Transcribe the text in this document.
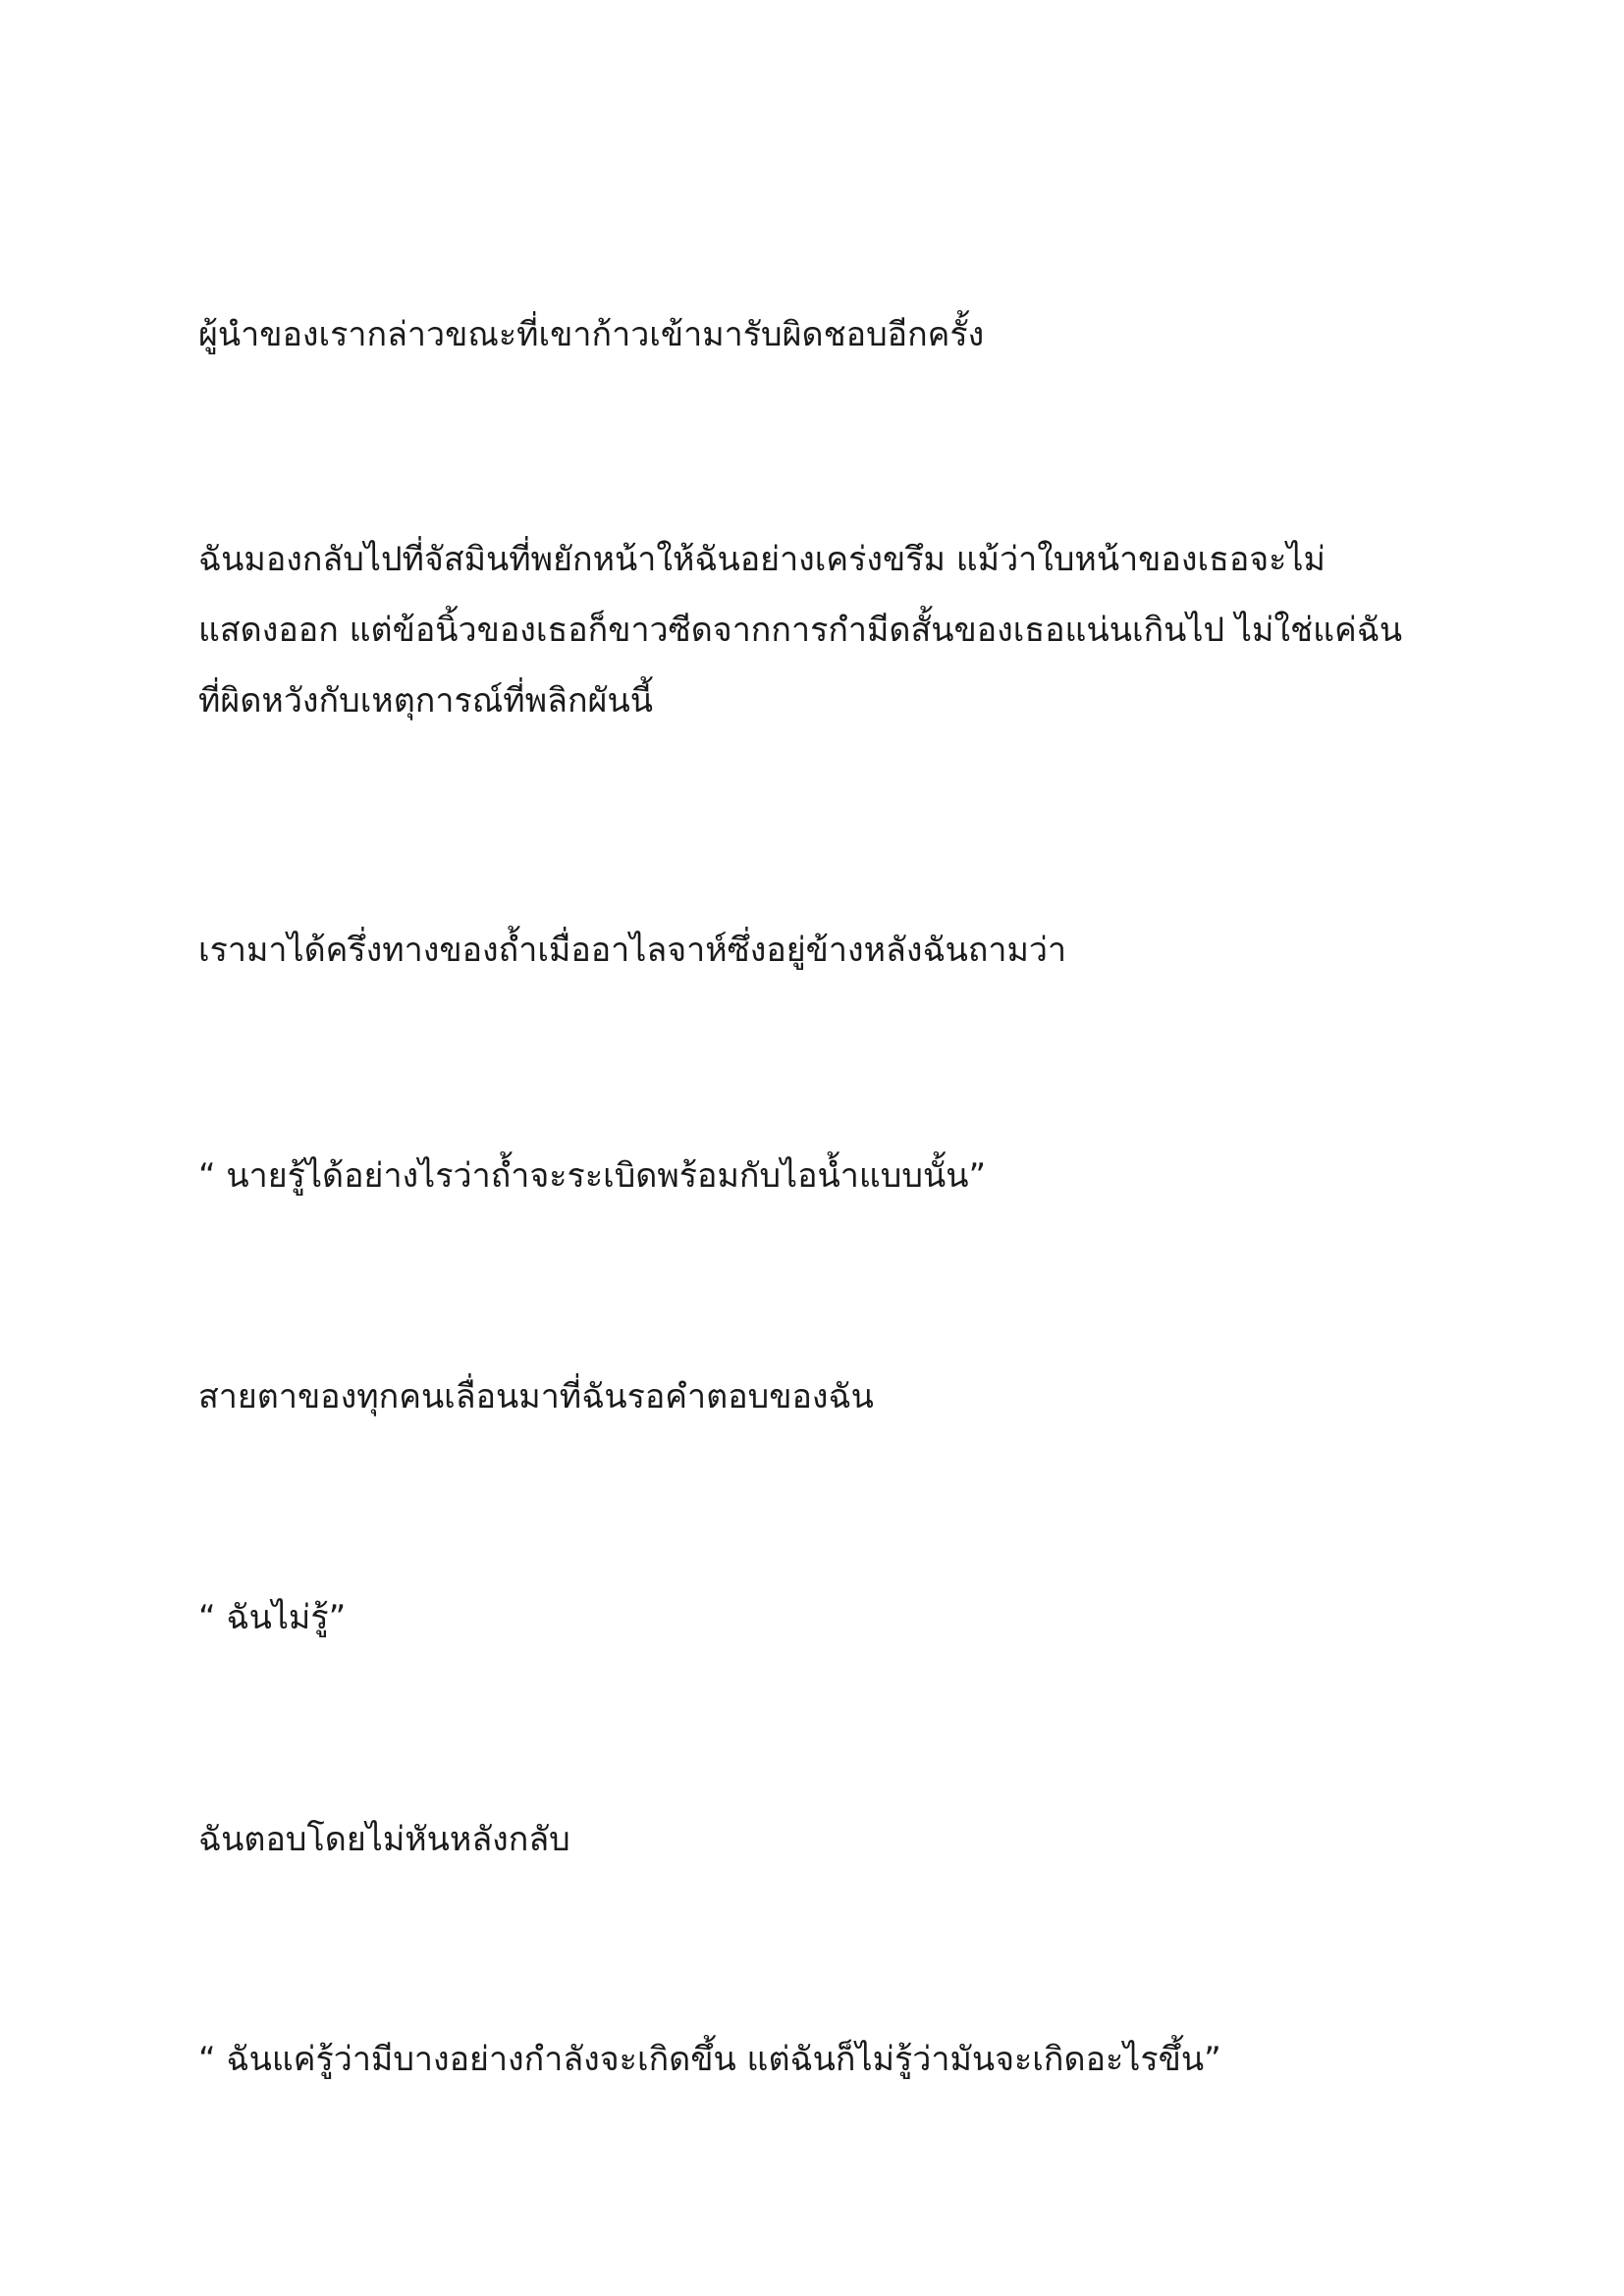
ผู้นำของเรากล่าวขณะที่เขาก้าวเข้ามารับผิดชอบอีกครั้ง

ฉันมองกลับไปที่จัสมินที่พยักหน้าให้ฉันอย่างเคร่งขรึม แม้ว่าใบหน้าของเธอจะไม่
แสดงออก แต่ข้อนิ้วของเธอก็ขาวซีดจากการกำมีดสั้นของเธอแน่นเกินไป ไม่ใช่แค่ฉัน
ที่ผิดหวังกับเหตุการณ์ที่พลิกผันนี้

เรามาได้ครึ่งทางของถ้ำเมื่ออาไลจาห์ซึ่งอยู่ข้างหลังฉันถามว่า

“ นายรู้ได้อย่างไรว่าถ้ำจะระเบิดพร้อมกับไอน้ำแบบนั้น”

สายตาของทุกคนเลื่อนมาที่ฉันรอคำตอบของฉัน

“ ฉันไม่รู้”

ฉันตอบโดยไม่หันหลังกลับ

“ ฉันแค่รู้ว่ามีบางอย่างกำลังจะเกิดขึ้น แต่ฉันก็ไม่รู้ว่ามันจะเกิดอะไรขึ้น”
